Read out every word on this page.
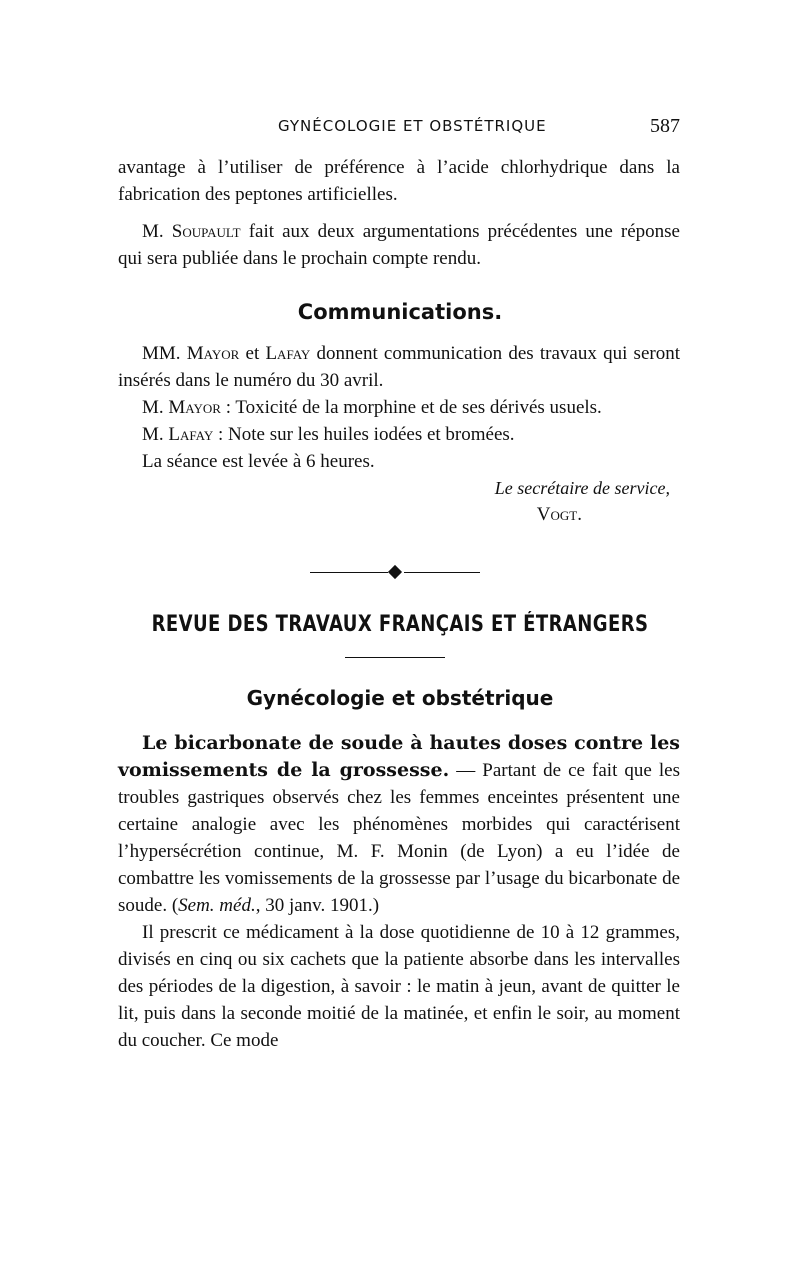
GYNÉCOLOGIE ET OBSTÉTRIQUE	587

avantage à l’utiliser de préférence à l’acide chlorhydrique dans la fabrication des peptones artificielles.

M. Soupault fait aux deux argumentations précédentes une réponse qui sera publiée dans le prochain compte rendu.

Communications.

MM. Mayor et Lafay donnent communication des travaux qui seront insérés dans le numéro du 30 avril.

M. Mayor : Toxicité de la morphine et de ses dérivés usuels.

M. Lafay : Note sur les huiles iodées et bromées.

La séance est levée à 6 heures.

Le secrétaire de service,
Vogt.
REVUE DES TRAVAUX FRANÇAIS ET ÉTRANGERS
Gynécologie et obstétrique

Le bicarbonate de soude à hautes doses contre les vomissements de la grossesse. — Partant de ce fait que les troubles gastriques observés chez les femmes enceintes présentent une certaine analogie avec les phénomènes morbides qui caractérisent l’hypersécrétion continue, M. F. Monin (de Lyon) a eu l’idée de combattre les vomissements de la grossesse par l’usage du bicarbonate de soude. (Sem. méd., 30 janv. 1901.)

Il prescrit ce médicament à la dose quotidienne de 10 à 12 grammes, divisés en cinq ou six cachets que la patiente absorbe dans les intervalles des périodes de la digestion, à savoir : le matin à jeun, avant de quitter le lit, puis dans la seconde moitié de la matinée, et enfin le soir, au moment du coucher. Ce mode
